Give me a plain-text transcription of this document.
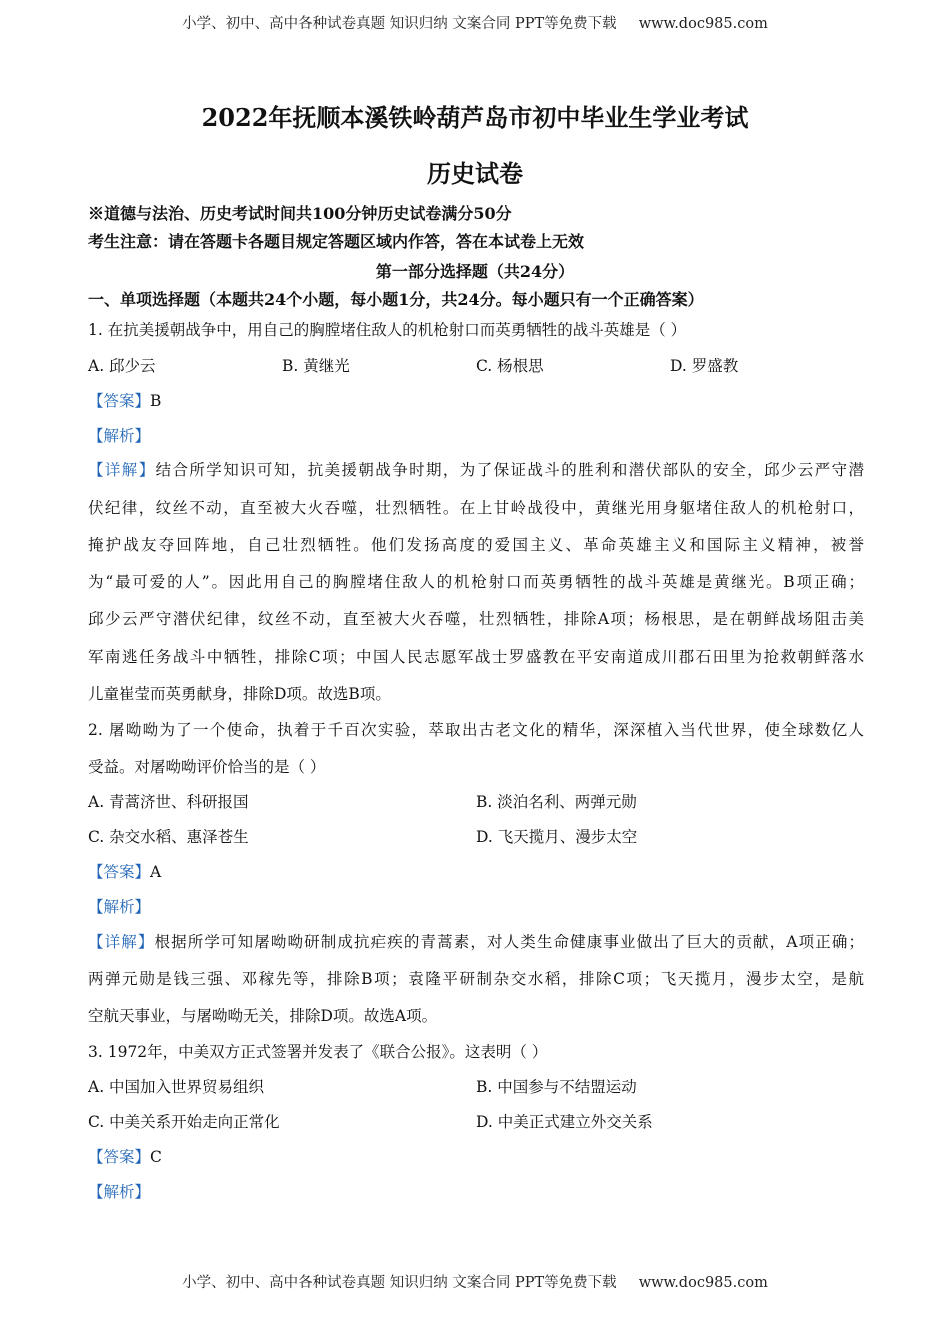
小学、初中、高中各种试卷真题 知识归纳 文案合同 PPT等免费下载 www.doc985.com
2022年抚顺本溪铁岭葫芦岛市初中毕业生学业考试
历史试卷
※道德与法治、历史考试时间共100分钟历史试卷满分50分
考生注意：请在答题卡各题目规定答题区域内作答，答在本试卷上无效
第一部分选择题（共24分）
一、单项选择题（本题共24个小题，每小题1分，共24分。每小题只有一个正确答案）
1. 在抗美援朝战争中，用自己的胸膛堵住敌人的机枪射口而英勇牺牲的战斗英雄是（ ）
A. 邱少云	B. 黄继光	C. 杨根思	D. 罗盛教
【答案】B
【解析】
【详解】结合所学知识可知，抗美援朝战争时期，为了保证战斗的胜利和潜伏部队的安全，邱少云严守潜
伏纪律，纹丝不动，直至被大火吞噬，壮烈牺牲。在上甘岭战役中，黄继光用身躯堵住敌人的机枪射口，
掩护战友夺回阵地，自己壮烈牺牲。他们发扬高度的爱国主义、革命英雄主义和国际主义精神，被誉
为“最可爱的人”。因此用自己的胸膛堵住敌人的机枪射口而英勇牺牲的战斗英雄是黄继光。B项正确；
邱少云严守潜伏纪律，纹丝不动，直至被大火吞噬，壮烈牺牲，排除A项；杨根思，是在朝鲜战场阻击美
军南逃任务战斗中牺牲，排除C项；中国人民志愿军战士罗盛教在平安南道成川郡石田里为抢救朝鲜落水
儿童崔莹而英勇献身，排除D项。故选B项。
2. 屠呦呦为了一个使命，执着于千百次实验，萃取出古老文化的精华，深深植入当代世界，使全球数亿人
受益。对屠呦呦评价恰当的是（ ）
A. 青蒿济世、科研报国	B. 淡泊名利、两弹元勋
C. 杂交水稻、惠泽苍生	D. 飞天揽月、漫步太空
【答案】A
【解析】
【详解】根据所学可知屠呦呦研制成抗疟疾的青蒿素，对人类生命健康事业做出了巨大的贡献，A项正确；
两弹元勋是钱三强、邓稼先等，排除B项；袁隆平研制杂交水稻，排除C项；飞天揽月，漫步太空，是航
空航天事业，与屠呦呦无关，排除D项。故选A项。
3. 1972年，中美双方正式签署并发表了《联合公报》。这表明（ ）
A. 中国加入世界贸易组织	B. 中国参与不结盟运动
C. 中美关系开始走向正常化	D. 中美正式建立外交关系
【答案】C
【解析】
小学、初中、高中各种试卷真题 知识归纳 文案合同 PPT等免费下载 www.doc985.com
